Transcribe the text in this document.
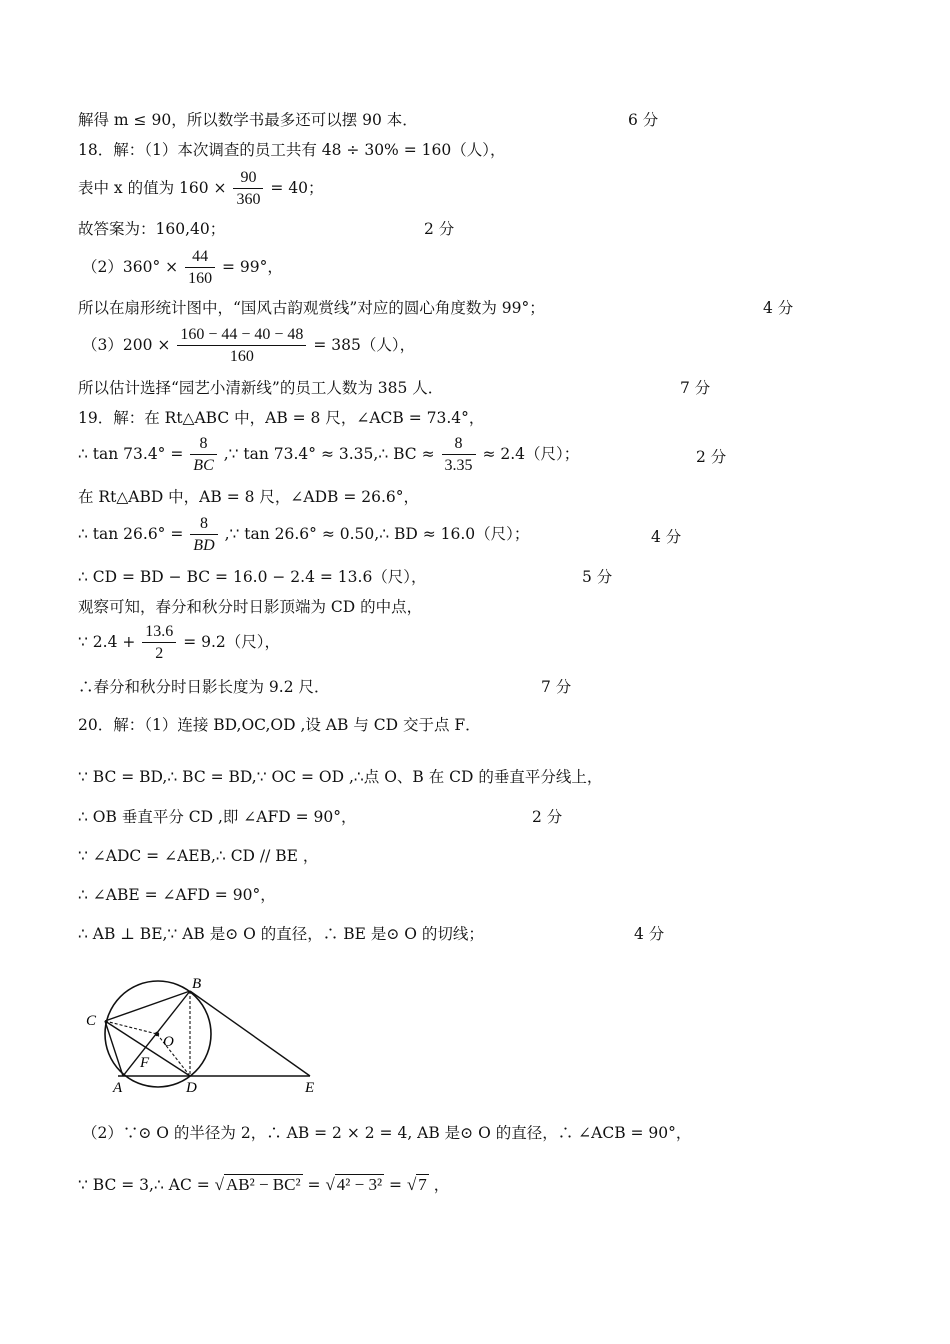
解得 m ≤ 90，所以数学书最多还可以摆 90 本．	6 分
18．解：（1）本次调查的员工共有 48 ÷ 30% = 160（人），
表中 x 的值为 $160 \times \frac{90}{360} = 40$；
故答案为：160,40；	2 分
$(2)360^\circ \times \frac{44}{160} = 99^\circ$，
所以在扇形统计图中，“国风古韵观赏线”对应的圆心角度数为 99°；	4 分
$(3)200 \times \frac{160 - 44 - 40 - 48}{160} = 385$（人），
所以估计选择“园艺小清新线”的员工人数为 385 人．	7 分
19．解：在 Rt△ABC 中，AB = 8 尺，∠ACB = 73.4°，
∴ $\tan 73.4^\circ = \frac{8}{BC}$ ,∵ tan 73.4° ≈ 3.35,∴ BC ≈ $\frac{8}{3.35} \approx 2.4$（尺）；	2 分
在 Rt△ABD 中，AB = 8 尺，∠ADB = 26.6°，
∴ $\tan 26.6^\circ = \frac{8}{BD}$ ,∵ tan 26.6° ≈ 0.50,∴ BD ≈ 16.0（尺）；	4 分
∴ CD = BD − BC = 16.0 − 2.4 = 13.6（尺），	5 分
观察可知，春分和秋分时日影顶端为 CD 的中点，
∵ $2.4 + \frac{13.6}{2} = 9.2$（尺），
∴春分和秋分时日影长度为 9.2 尺．	7 分
20．解：（1）连接 BD,OC,OD ,设 AB 与 CD 交于点 F．
∵ BC = BD,∴ BC = BD,∵ OC = OD ,∴点 O、B 在 CD 的垂直平分线上，
∴ OB 垂直平分 CD ,即 ∠AFD = 90°，	2 分
∵ ∠ADC = ∠AEB,∴ CD // BE ，
∴ ∠ABE = ∠AFD = 90°，
∴ AB ⊥ BE,∵ AB 是⊙ O 的直径，∴ BE 是⊙ O 的切线；	4 分
B
C
O
F
A	D	E
（2）∵⊙ O 的半径为 2，∴ AB = 2 × 2 = 4, AB 是⊙ O 的直径，∴ ∠ACB = 90°，
∵ BC = 3,∴ AC = √ AB² − BC² = √ 4² − 3² = √ 7 ，
